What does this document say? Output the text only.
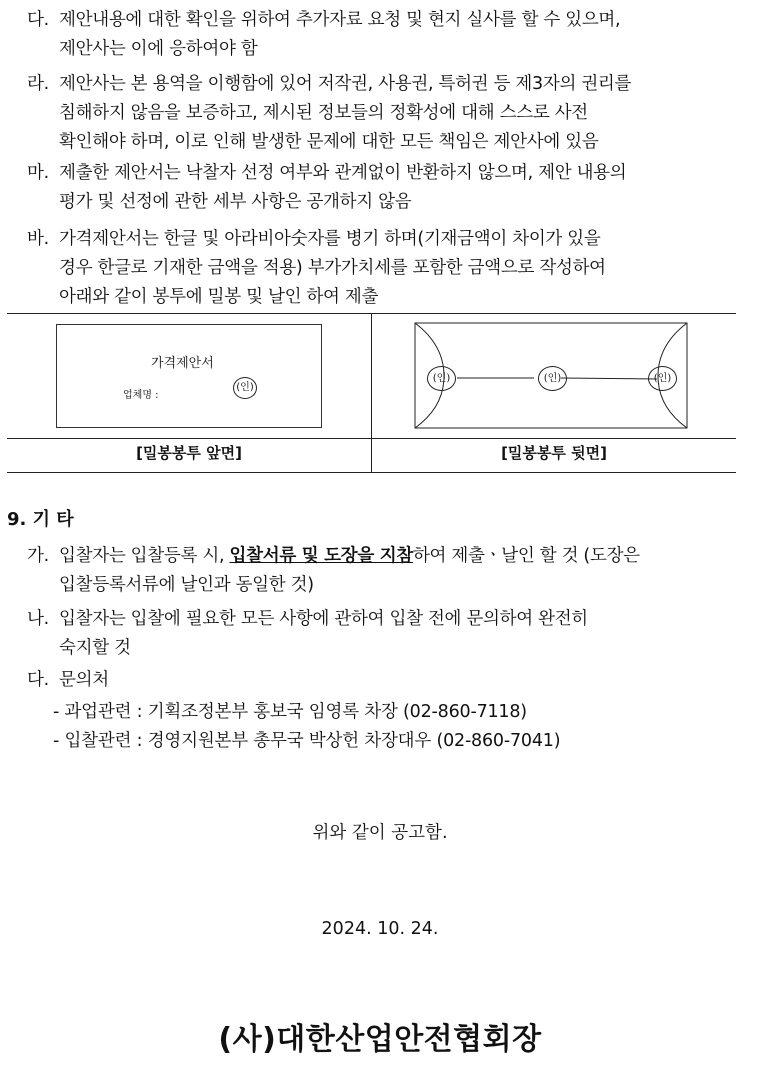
다. 제안내용에 대한 확인을 위하여 추가자료 요청 및 현지 실사를 할 수 있으며,
제안사는 이에 응하여야 함
라. 제안사는 본 용역을 이행함에 있어 저작권, 사용권, 특허권 등 제3자의 권리를
침해하지 않음을 보증하고, 제시된 정보들의 정확성에 대해 스스로 사전
확인해야 하며, 이로 인해 발생한 문제에 대한 모든 책임은 제안사에 있음
마. 제출한 제안서는 낙찰자 선정 여부와 관계없이 반환하지 않으며, 제안 내용의
평가 및 선정에 관한 세부 사항은 공개하지 않음
바. 가격제안서는 한글 및 아라비아숫자를 병기 하며(기재금액이 차이가 있을
경우 한글로 기재한 금액을 적용) 부가가치세를 포함한 금액으로 작성하여
아래와 같이 봉투에 밀봉 및 날인 하여 제출
가격제안서
업체명 :
(인)
(인)	(인)	(인)
[밀봉봉투 앞면]	[밀봉봉투 뒷면]
9. 기 타
가. 입찰자는 입찰등록 시, 입찰서류 및 도장을 지참하여 제출ㆍ날인 할 것 (도장은
입찰등록서류에 날인과 동일한 것)
나. 입찰자는 입찰에 필요한 모든 사항에 관하여 입찰 전에 문의하여 완전히
숙지할 것
다. 문의처
- 과업관련 : 기획조정본부 홍보국 임영록 차장 (02-860-7118)
- 입찰관련 : 경영지원본부 총무국 박상헌 차장대우 (02-860-7041)
위와 같이 공고함.
2024. 10. 24.
(사)대한산업안전협회장
